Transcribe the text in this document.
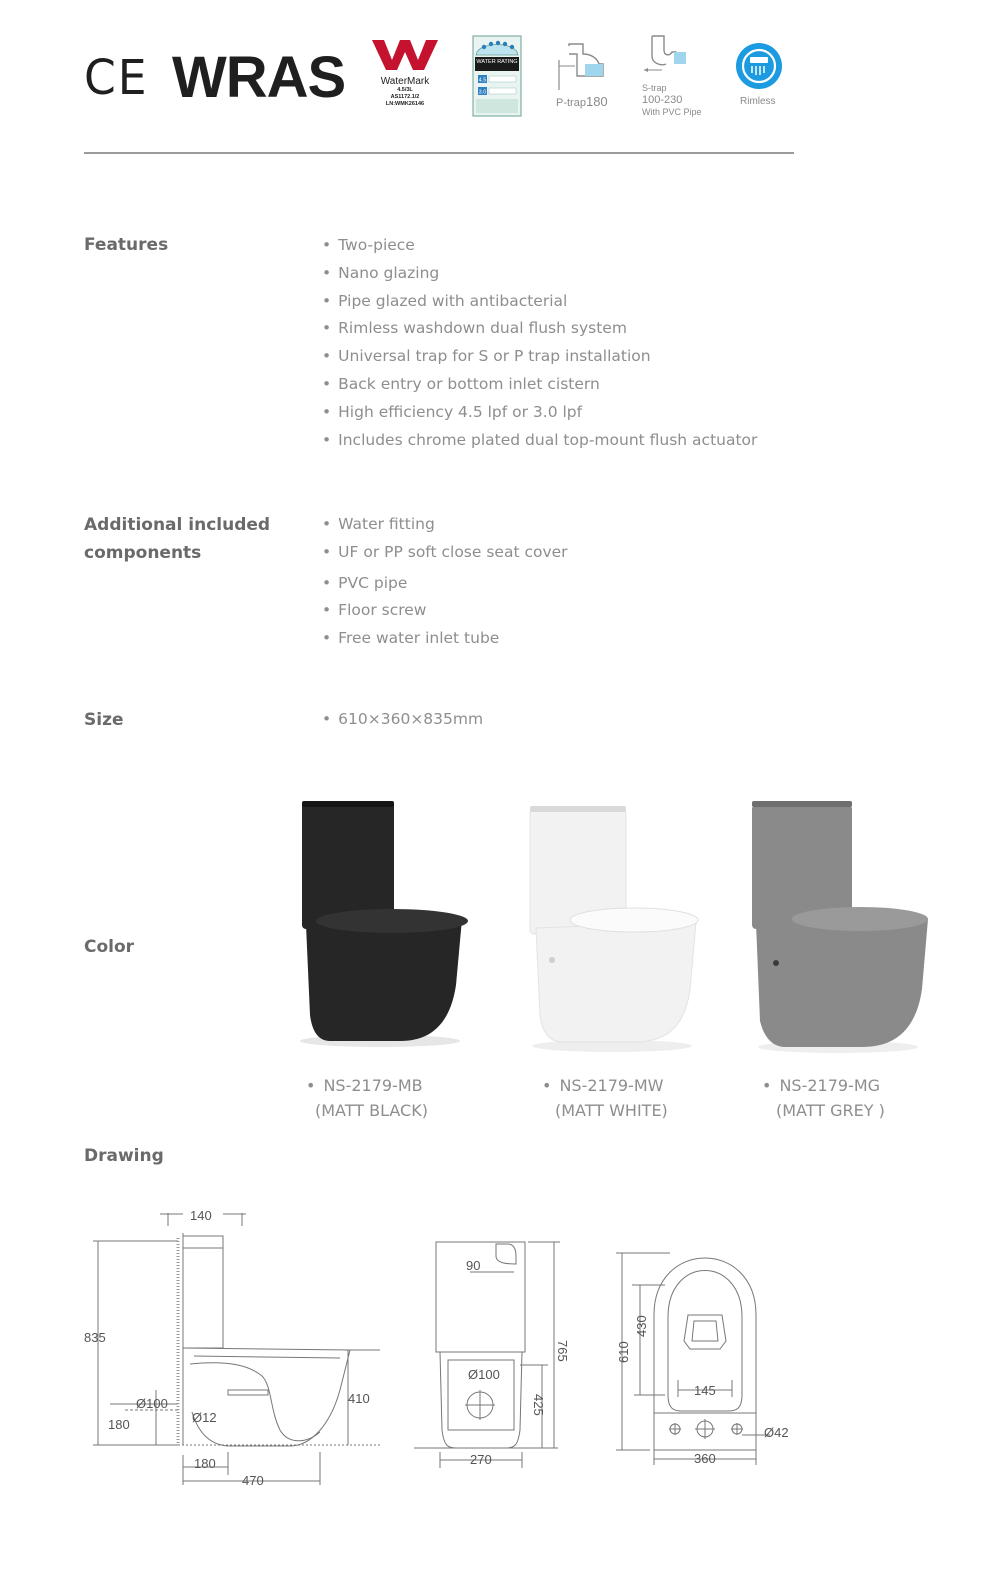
CE WRAS	WaterMark
4.5/3L
AS1172.1/2
LN:WMK26146
WATER RATING
4.5
3.0
P-trap180
S-trap
100-230
With PVC Pipe
Rimless
Features	• Two-piece
• Nano glazing
• Pipe glazed with antibacterial
• Rimless washdown dual flush system
• Universal trap for S or P trap installation
• Back entry or bottom inlet cistern
• High efficiency 4.5 lpf or 3.0 lpf
• Includes chrome plated dual top-mount flush actuator
Additional included
components
• Water fitting
• UF or PP soft close seat cover
• PVC pipe
• Floor screw
• Free water inlet tube
Size	• 610×360×835mm
Color
• NS-2179-MB
(MATT BLACK)
• NS-2179-MW
(MATT WHITE)
• NS-2179-MG
(MATT GREY )
Drawing
140
835
Ø100
180
410
Ø12
180
470
90
Ø100
270
765
425
610
430
145
Ø42
360
